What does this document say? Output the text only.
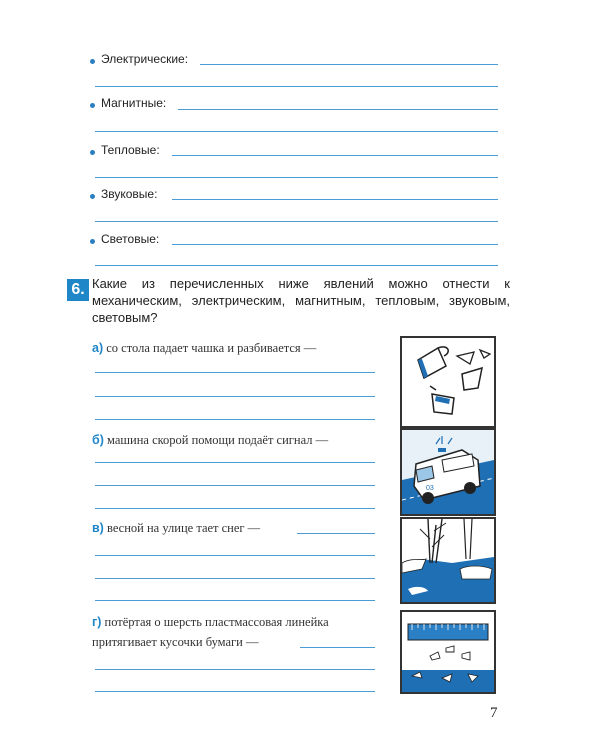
Электрические:
Магнитные:
Тепловые:
Звуковые:
Световые:
6. Какие из перечисленных ниже явлений можно отнести к механическим, электрическим, магнитным, тепловым, звуковым, световым?
а) со стола падает чашка и разбивается —
б) машина скорой помощи подаёт сигнал —
03
в) весной на улице тает снег —
г) потёртая о шерсть пластмассовая линейка притягивает кусочки бумаги —
7
